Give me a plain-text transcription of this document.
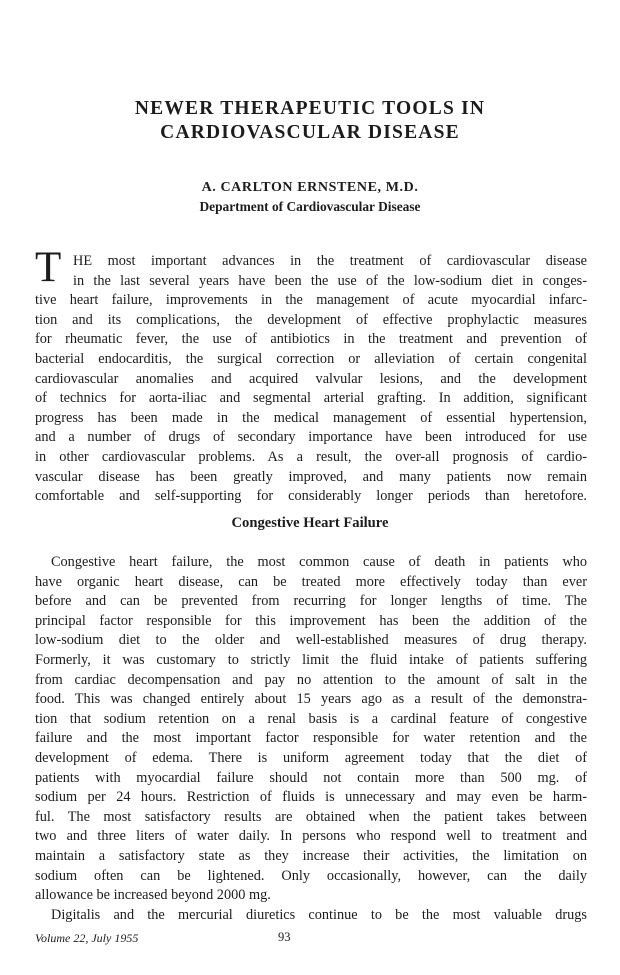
NEWER THERAPEUTIC TOOLS IN
CARDIOVASCULAR DISEASE
A. CARLTON ERNSTENE, M.D.
Department of Cardiovascular Disease
T HE most important advances in the treatment of cardiovascular disease
in the last several years have been the use of the low-sodium diet in conges-
tive heart failure, improvements in the management of acute myocardial infarc-
tion and its complications, the development of effective prophylactic measures
for rheumatic fever, the use of antibiotics in the treatment and prevention of
bacterial endocarditis, the surgical correction or alleviation of certain congenital
cardiovascular anomalies and acquired valvular lesions, and the development
of technics for aorta-iliac and segmental arterial grafting. In addition, significant
progress has been made in the medical management of essential hypertension,
and a number of drugs of secondary importance have been introduced for use
in other cardiovascular problems. As a result, the over-all prognosis of cardio-
vascular disease has been greatly improved, and many patients now remain
comfortable and self-supporting for considerably longer periods than heretofore.
Congestive Heart Failure
Congestive heart failure, the most common cause of death in patients who
have organic heart disease, can be treated more effectively today than ever
before and can be prevented from recurring for longer lengths of time. The
principal factor responsible for this improvement has been the addition of the
low-sodium diet to the older and well-established measures of drug therapy.
Formerly, it was customary to strictly limit the fluid intake of patients suffering
from cardiac decompensation and pay no attention to the amount of salt in the
food. This was changed entirely about 15 years ago as a result of the demonstra-
tion that sodium retention on a renal basis is a cardinal feature of congestive
failure and the most important factor responsible for water retention and the
development of edema. There is uniform agreement today that the diet of
patients with myocardial failure should not contain more than 500 mg. of
sodium per 24 hours. Restriction of fluids is unnecessary and may even be harm-
ful. The most satisfactory results are obtained when the patient takes between
two and three liters of water daily. In persons who respond well to treatment and
maintain a satisfactory state as they increase their activities, the limitation on
sodium often can be lightened. Only occasionally, however, can the daily
allowance be increased beyond 2000 mg.
Digitalis and the mercurial diuretics continue to be the most valuable drugs
Volume 22, July 1955	93
